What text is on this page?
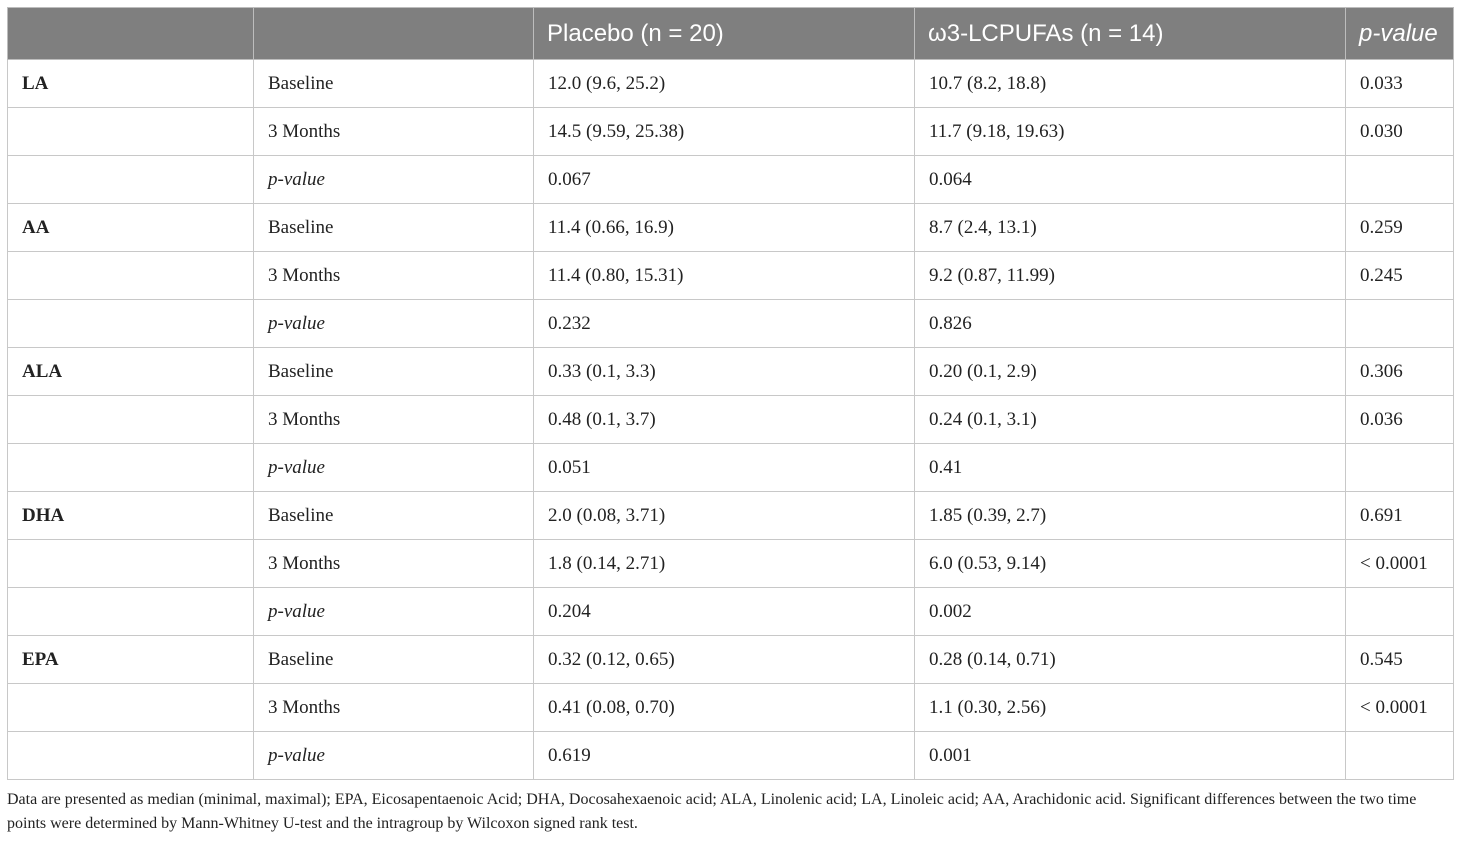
		Placebo (n = 20)	ω3-LCPUFAs (n = 14)	p-value
LA	Baseline	12.0 (9.6, 25.2)	10.7 (8.2, 18.8)	0.033
	3 Months	14.5 (9.59, 25.38)	11.7 (9.18, 19.63)	0.030
	p-value	0.067	0.064	
AA	Baseline	11.4 (0.66, 16.9)	8.7 (2.4, 13.1)	0.259
	3 Months	11.4 (0.80, 15.31)	9.2 (0.87, 11.99)	0.245
	p-value	0.232	0.826	
ALA	Baseline	0.33 (0.1, 3.3)	0.20 (0.1, 2.9)	0.306
	3 Months	0.48 (0.1, 3.7)	0.24 (0.1, 3.1)	0.036
	p-value	0.051	0.41	
DHA	Baseline	2.0 (0.08, 3.71)	1.85 (0.39, 2.7)	0.691
	3 Months	1.8 (0.14, 2.71)	6.0 (0.53, 9.14)	< 0.0001
	p-value	0.204	0.002	
EPA	Baseline	0.32 (0.12, 0.65)	0.28 (0.14, 0.71)	0.545
	3 Months	0.41 (0.08, 0.70)	1.1 (0.30, 2.56)	< 0.0001
	p-value	0.619	0.001	
Data are presented as median (minimal, maximal); EPA, Eicosapentaenoic Acid; DHA, Docosahexaenoic acid; ALA, Linolenic acid; LA, Linoleic acid; AA, Arachidonic acid. Significant differences between the two time points were determined by Mann-Whitney U-test and the intragroup by Wilcoxon signed rank test.
